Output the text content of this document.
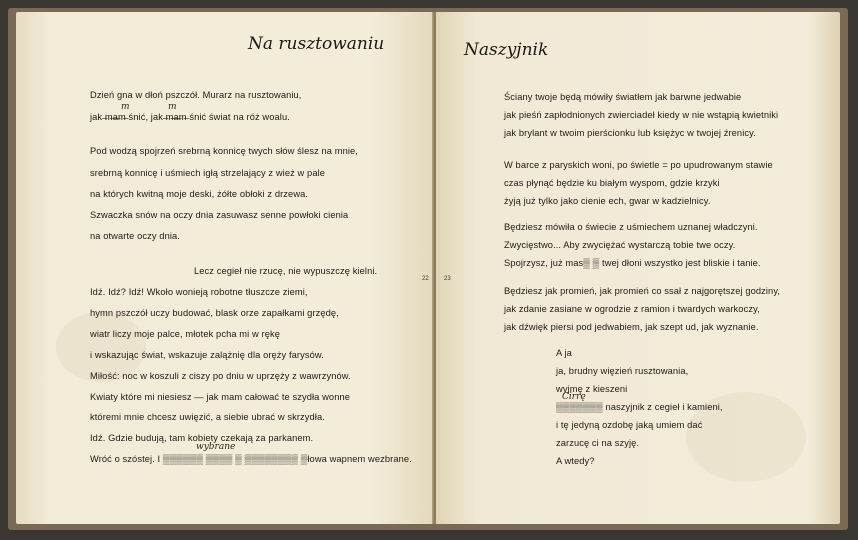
Na rusztowaniu
22
Dzień gna w dłoń pszczół. Murarz na rusztowaniu,
m	m
jak ̶m̶a̶m̶ śnić, jak ̶m̶a̶m̶ śnić świat na róż woalu.
Pod wodzą spojrzeń srebrną konnicę twych słów ślesz na mnie,
srebrną konnicę i uśmiech igłą strzelający z wież w pale
na których kwitną moje deski, żółte obłoki z drzewa.
Szwaczka snów na oczy dnia zasuwasz senne powłoki cienia
na otwarte oczy dnia.
Lecz cegieł nie rzucę, nie wypuszczę kielni.
Idź. Idź? Idź! Wkoło wonieją robotne tłuszcze ziemi,
hymn pszczół uczy budować, blask orze zapałkami grzędę,
wiatr liczy moje palce, młotek pcha mi w rękę
i wskazując świat, wskazuje zalążnię dla oręży farysów.
Miłość: noc w koszuli z ciszy po dniu w uprzęży z wawrzynów.
Kwiaty które mi niesiesz — jak mam całować te szydła wonne
któremi mnie chcesz uwięzić, a siebie ubrać w skrzydła.
Idź. Gdzie budują, tam kobiety czekają za parkanem.
wybrane
Wróć o szóstej. I ▒▒▒▒▒▒ ▒▒▒▒ ▒ ▒▒▒▒▒▒▒▒ ▒łowa wapnem wezbrane.
Naszyjnik
23
Ściany twoje będą mówiły światłem jak barwne jedwabie
jak pieśń zapłodnionych zwierciadeł kiedy w nie wstąpią kwietniki
jak brylant w twoim pierścionku lub księżyc w twojej źrenicy.
W barce z paryskich woni, po świetle = po upudrowanym stawie
czas płynąć będzie ku białym wyspom, gdzie krzyki
żyją już tylko jako cienie ech, gwar w kadzielnicy.
Będziesz mówiła o świecie z uśmiechem uznanej władczyni.
Zwycięstwo... Aby zwyciężać wystarczą tobie twe oczy.
Spojrzysz, już mas▒ ▒ twej dłoni wszystko jest bliskie i tanie.
Będziesz jak promień, jak promień co ssał z najgorętszej godziny,
jak zdanie zasiane w ogrodzie z ramion i twardych warkoczy,
jak dźwięk piersi pod jedwabiem, jak szept ud, jak wyznanie.
A ja
ja, brudny więzień rusztowania,
wyjmę z kieszeni
Cirrę
▒▒▒▒▒▒▒ naszyjnik z cegieł i kamieni,
i tę jedyną ozdobę jaką umiem dać
zarzucę ci na szyję.
A wtedy?
